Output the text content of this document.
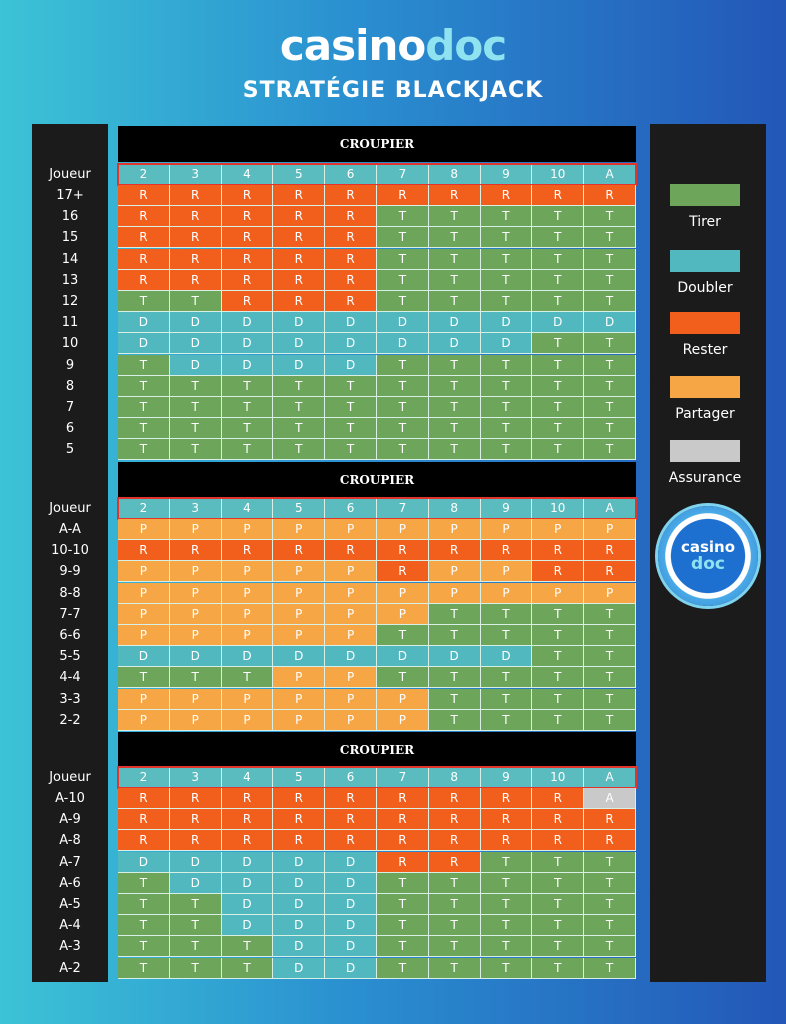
casinodoc
STRATÉGIE BLACKJACK
CROUPIER
Joueur	2	3	4	5	6	7	8	9	10	A
17+	R	R	R	R	R	R	R	R	R	R
16	R	R	R	R	R	T	T	T	T	T
15	R	R	R	R	R	T	T	T	T	T
14	R	R	R	R	R	T	T	T	T	T
13	R	R	R	R	R	T	T	T	T	T
12	T	T	R	R	R	T	T	T	T	T
11	D	D	D	D	D	D	D	D	D	D
10	D	D	D	D	D	D	D	D	T	T
9	T	D	D	D	D	T	T	T	T	T
8	T	T	T	T	T	T	T	T	T	T
7	T	T	T	T	T	T	T	T	T	T
6	T	T	T	T	T	T	T	T	T	T
5	T	T	T	T	T	T	T	T	T	T
CROUPIER
Joueur	2	3	4	5	6	7	8	9	10	A
A-A	P	P	P	P	P	P	P	P	P	P
10-10	R	R	R	R	R	R	R	R	R	R
9-9	P	P	P	P	P	R	P	P	R	R
8-8	P	P	P	P	P	P	P	P	P	P
7-7	P	P	P	P	P	P	T	T	T	T
6-6	P	P	P	P	P	T	T	T	T	T
5-5	D	D	D	D	D	D	D	D	T	T
4-4	T	T	T	P	P	T	T	T	T	T
3-3	P	P	P	P	P	P	T	T	T	T
2-2	P	P	P	P	P	P	T	T	T	T
CROUPIER
Joueur	2	3	4	5	6	7	8	9	10	A
A-10	R	R	R	R	R	R	R	R	R	A
A-9	R	R	R	R	R	R	R	R	R	R
A-8	R	R	R	R	R	R	R	R	R	R
A-7	D	D	D	D	D	R	R	T	T	T
A-6	T	D	D	D	D	T	T	T	T	T
A-5	T	T	D	D	D	T	T	T	T	T
A-4	T	T	D	D	D	T	T	T	T	T
A-3	T	T	T	D	D	T	T	T	T	T
A-2	T	T	T	D	D	T	T	T	T	T
Tirer
Doubler
Rester
Partager
Assurance
casino
doc
